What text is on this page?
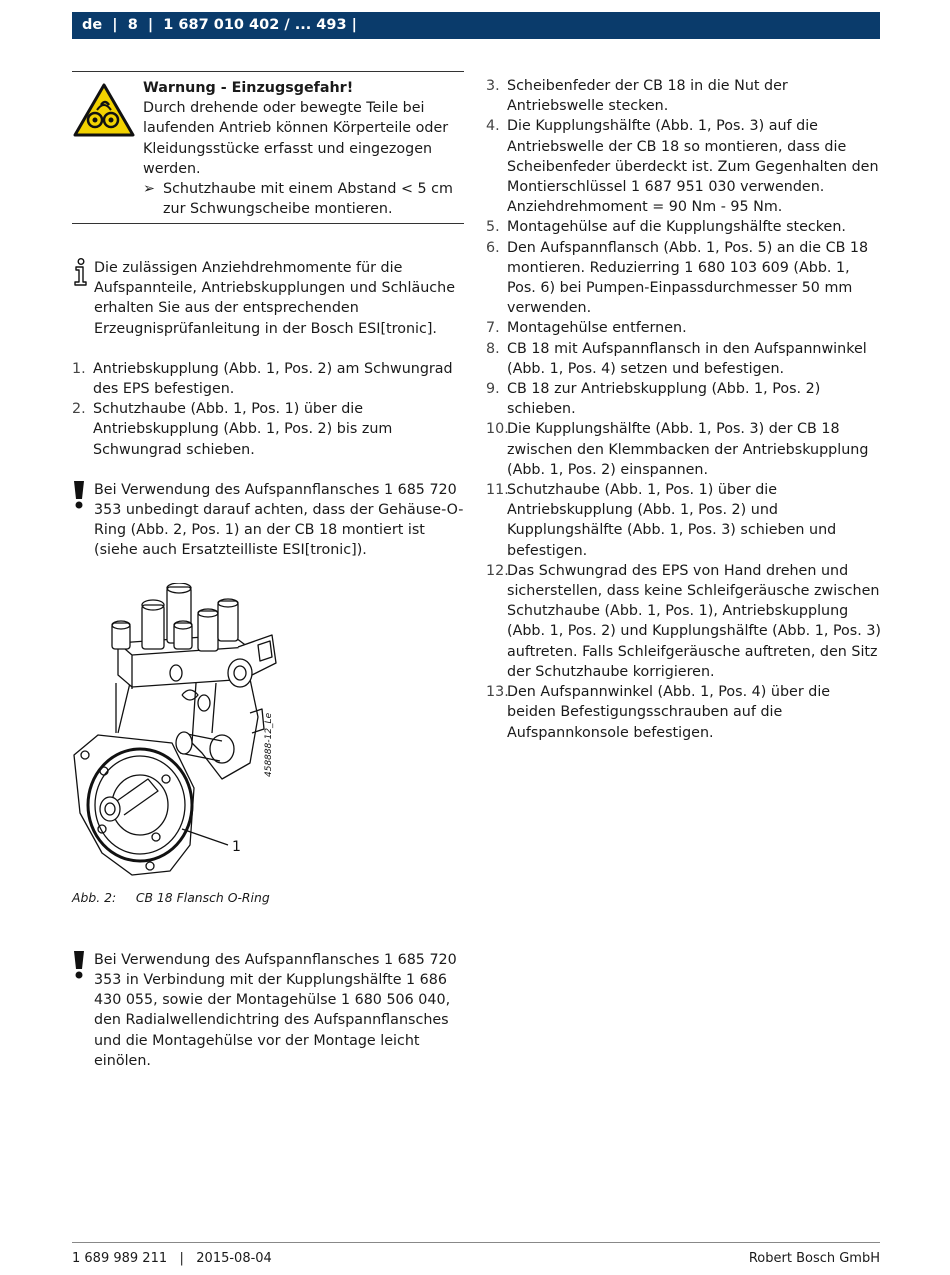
de  |  8  |  1 687 010 402 / ... 493 |
Warnung - Einzugsgefahr!
Durch drehende oder bewegte Teile bei laufenden Antrieb können Körperteile oder Kleidungsstücke erfasst und eingezogen werden.
➢ Schutzhaube mit einem Abstand < 5 cm zur Schwungscheibe montieren.
Die zulässigen Anziehdrehmomente für die Aufspannteile, Antriebskupplungen und Schläuche erhalten Sie aus der entsprechenden Erzeugnisprüfanleitung in der Bosch ESI[tronic].
1. Antriebskupplung (Abb. 1, Pos. 2) am Schwungrad des EPS befestigen.
2. Schutzhaube (Abb. 1, Pos. 1) über die Antriebskupplung (Abb. 1, Pos. 2) bis zum Schwungrad schieben.
Bei Verwendung des Aufspannflansches 1 685 720 353 unbedingt darauf achten, dass der Gehäuse-O-Ring (Abb. 2, Pos. 1) an der CB 18 montiert ist (siehe auch Ersatzteilliste ESI[tronic]).
1
458888-12_Le
Abb. 2:     CB 18 Flansch O-Ring
Bei Verwendung des Aufspannflansches 1 685 720 353 in Verbindung mit der Kupplungshälfte 1 686 430 055, sowie der Montagehülse 1 680 506 040, den Radialwellendichtring des Aufspannflansches und die Montagehülse vor der Montage leicht einölen.
3. Scheibenfeder der CB 18 in die Nut der Antriebswelle stecken.
4. Die Kupplungshälfte (Abb. 1, Pos. 3) auf die Antriebswelle der CB 18 so montieren, dass die Scheibenfeder überdeckt ist. Zum Gegenhalten den Montierschlüssel 1 687 951 030 verwenden. Anziehdrehmoment = 90 Nm - 95 Nm.
5. Montagehülse auf die Kupplungshälfte stecken.
6. Den Aufspannflansch (Abb. 1, Pos. 5) an die CB 18 montieren. Reduzierring 1 680 103 609 (Abb. 1, Pos. 6) bei Pumpen-Einpassdurchmesser 50 mm verwenden.
7. Montagehülse entfernen.
8. CB 18 mit Aufspannflansch in den Aufspannwinkel (Abb. 1, Pos. 4) setzen und befestigen.
9. CB 18 zur Antriebskupplung (Abb. 1, Pos. 2) schieben.
10.
Die Kupplungshälfte (Abb. 1, Pos. 3) der CB 18 zwischen den Klemmbacken der Antriebskupplung (Abb. 1, Pos. 2) einspannen.
11.
Schutzhaube (Abb. 1, Pos. 1) über die Antriebskupplung (Abb. 1, Pos. 2) und Kupplungshälfte (Abb. 1, Pos. 3) schieben und befestigen.
12.
Das Schwungrad des EPS von Hand drehen und sicherstellen, dass keine Schleifgeräusche zwischen Schutzhaube (Abb. 1, Pos. 1), Antriebskupplung (Abb. 1, Pos. 2) und Kupplungshälfte (Abb. 1, Pos. 3) auftreten. Falls Schleifgeräusche auftreten, den Sitz der Schutzhaube korrigieren.
13.
Den Aufspannwinkel (Abb. 1, Pos. 4) über die beiden Befestigungsschrauben auf die Aufspannkonsole befestigen.
1 689 989 211   |   2015-08-04	Robert Bosch GmbH
